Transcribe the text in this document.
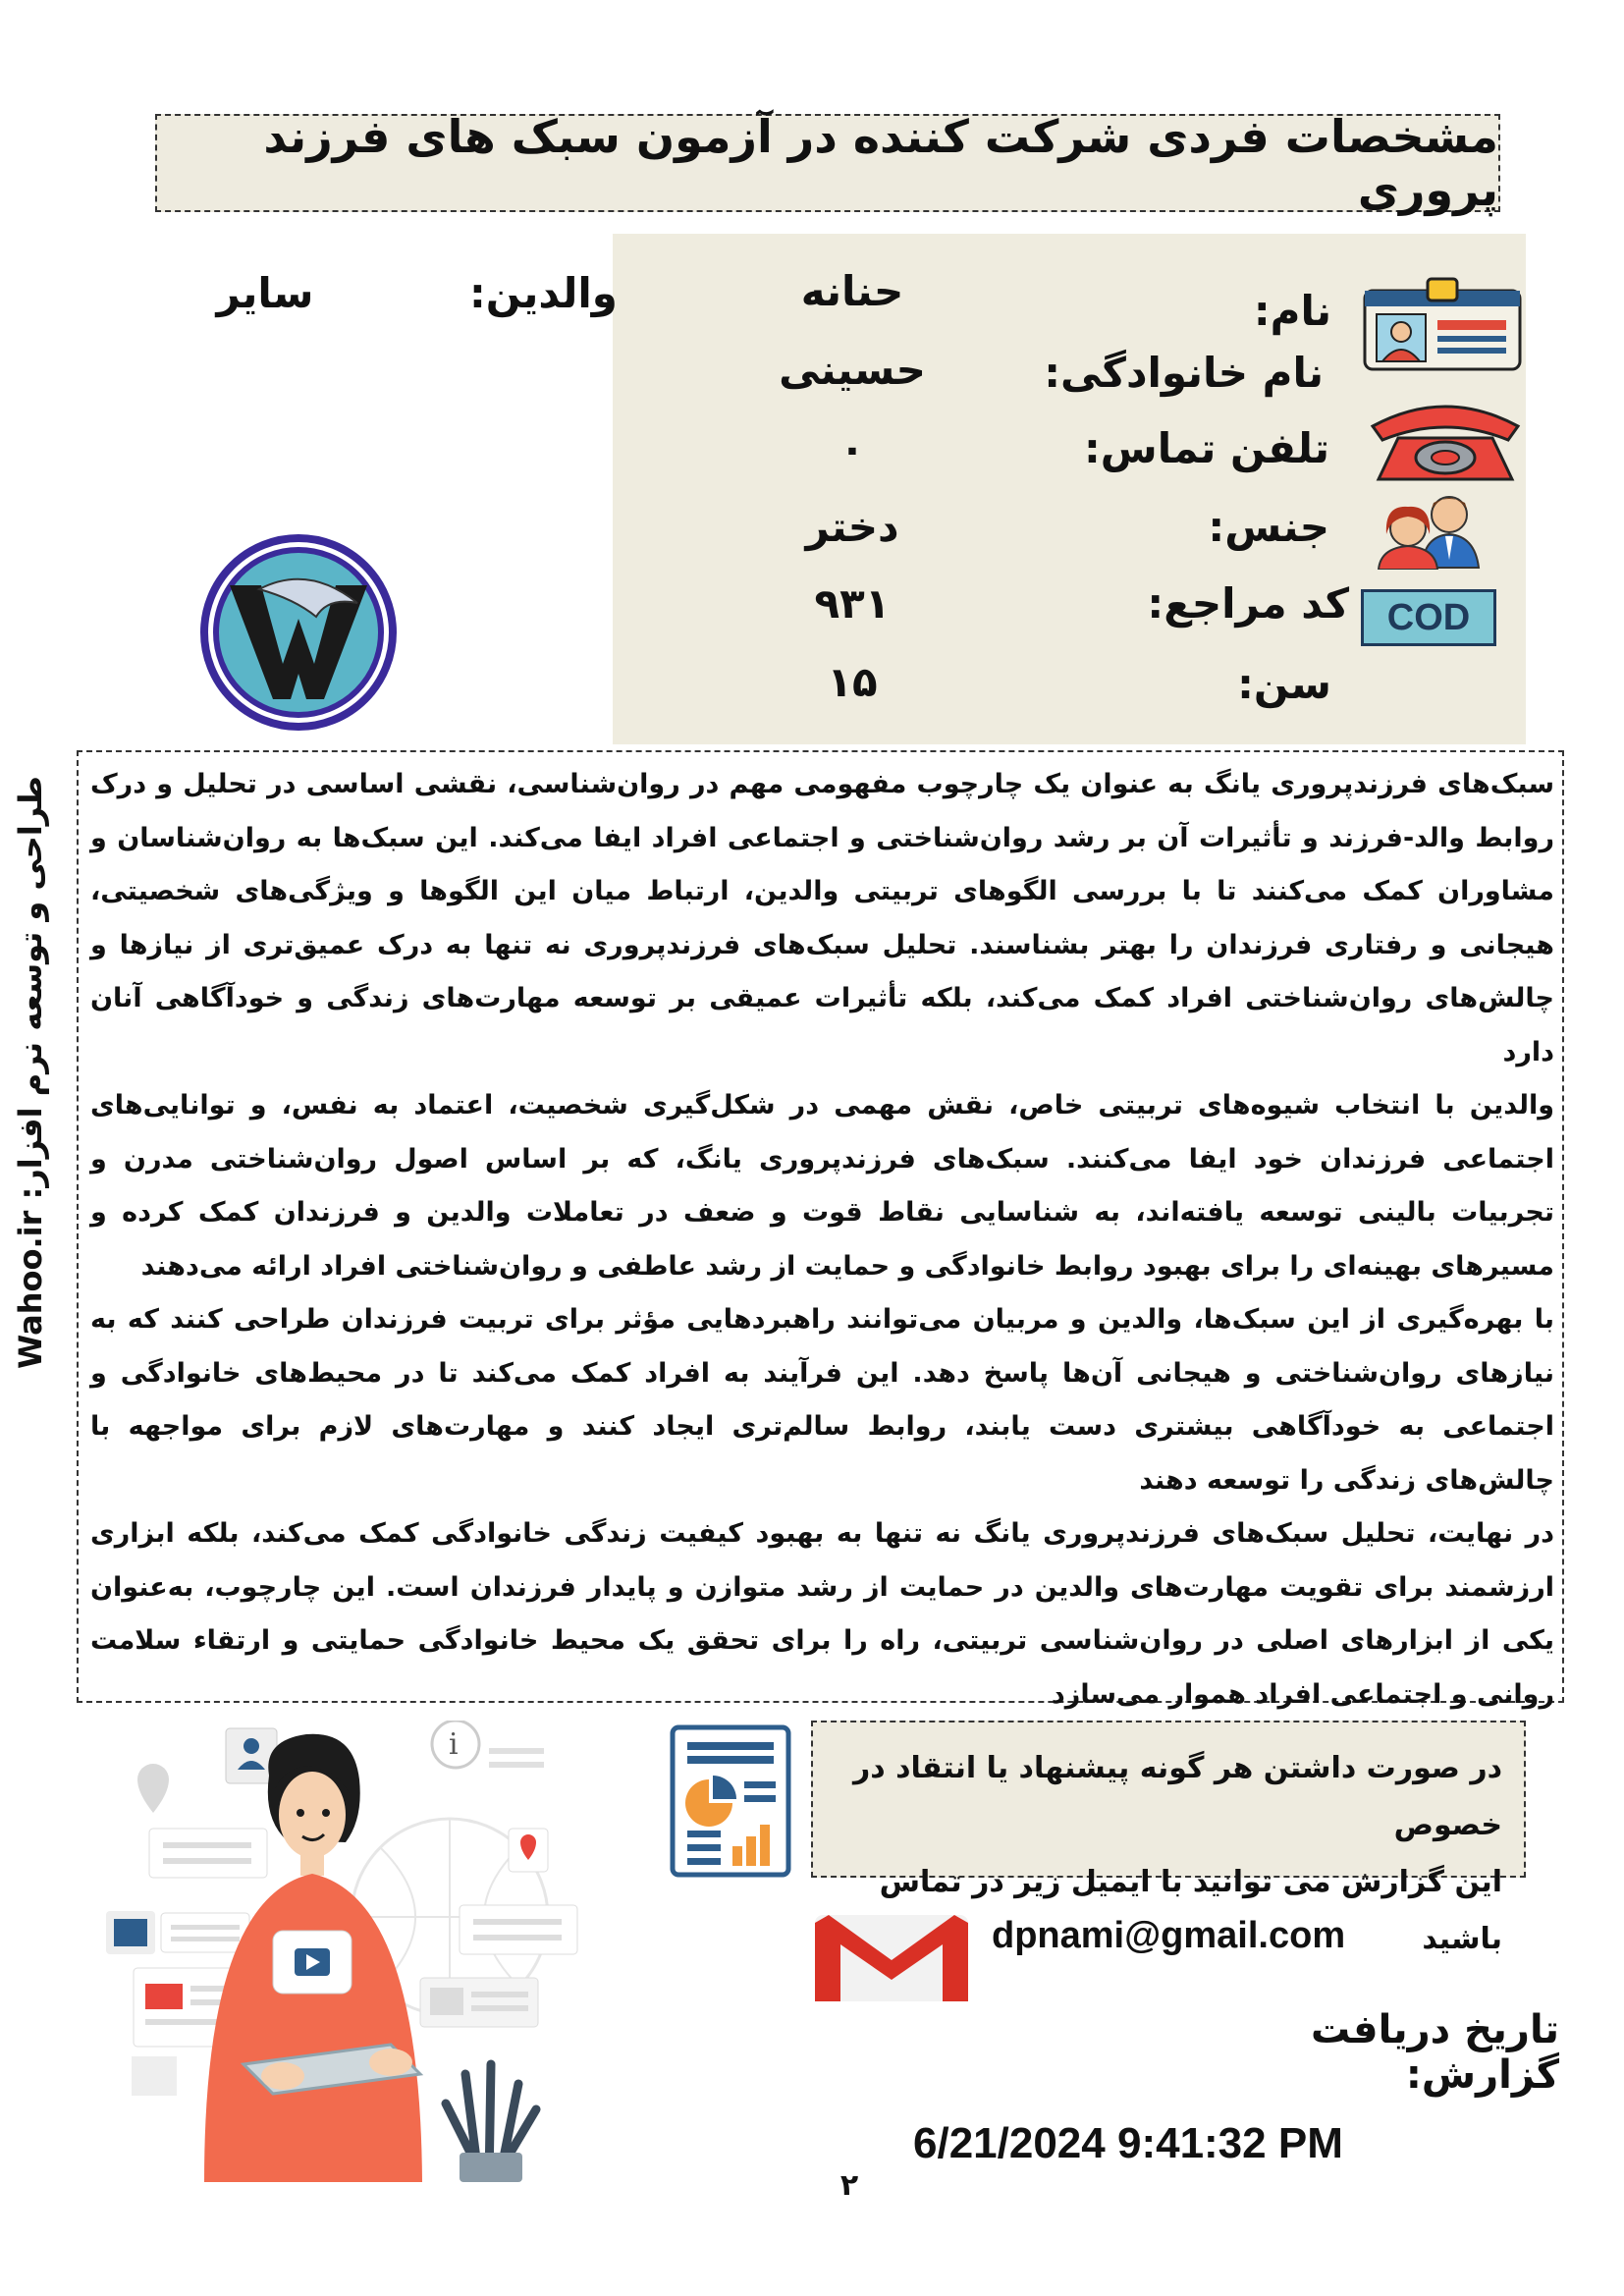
مشخصات فردی شرکت کننده در آزمون سبک های فرزند پروری
نام:
نام خانوادگی:
تلفن تماس:
جنس:
کد مراجع:
سن:
حنانه
حسینی
۰
دختر
۹۳۱
۱۵
والدین:
سایر
COD
طراحی و توسعه نرم افزار: Wahoo.ir	سبک‌های فرزندپروری یانگ به عنوان یک چارچوب مفهومی مهم در روان‌شناسی، نقشی اساسی در تحلیل و درک روابط والد-فرزند و تأثیرات آن بر رشد روان‌شناختی و اجتماعی افراد ایفا می‌کند. این سبک‌ها به روان‌شناسان و مشاوران کمک می‌کنند تا با بررسی الگوهای تربیتی والدین، ارتباط میان این الگوها و ویژگی‌های شخصیتی، هیجانی و رفتاری فرزندان را بهتر بشناسند. تحلیل سبک‌های فرزندپروری نه تنها به درک عمیق‌تری از نیازها و چالش‌های روان‌شناختی افراد کمک می‌کند، بلکه تأثیرات عمیقی بر توسعه مهارت‌های زندگی و خودآگاهی آنان دارد

والدین با انتخاب شیوه‌های تربیتی خاص، نقش مهمی در شکل‌گیری شخصیت، اعتماد به نفس، و توانایی‌های اجتماعی فرزندان خود ایفا می‌کنند. سبک‌های فرزندپروری یانگ، که بر اساس اصول روان‌شناختی مدرن و تجربیات بالینی توسعه یافته‌اند، به شناسایی نقاط قوت و ضعف در تعاملات والدین و فرزندان کمک کرده و مسیرهای بهینه‌ای را برای بهبود روابط خانوادگی و حمایت از رشد عاطفی و روان‌شناختی افراد ارائه می‌دهند

با بهره‌گیری از این سبک‌ها، والدین و مربیان می‌توانند راهبردهایی مؤثر برای تربیت فرزندان طراحی کنند که به نیازهای روان‌شناختی و هیجانی آن‌ها پاسخ دهد. این فرآیند به افراد کمک می‌کند تا در محیط‌های خانوادگی و اجتماعی به خودآگاهی بیشتری دست یابند، روابط سالم‌تری ایجاد کنند و مهارت‌های لازم برای مواجهه با چالش‌های زندگی را توسعه دهند

در نهایت، تحلیل سبک‌های فرزندپروری یانگ نه تنها به بهبود کیفیت زندگی خانوادگی کمک می‌کند، بلکه ابزاری ارزشمند برای تقویت مهارت‌های والدین در حمایت از رشد متوازن و پایدار فرزندان است. این چارچوب، به‌عنوان یکی از ابزارهای اصلی در روان‌شناسی تربیتی، راه را برای تحقق یک محیط خانوادگی حمایتی و ارتقاء سلامت روانی و اجتماعی افراد هموار می‌سازد

در صورت داشتن هر گونه پیشنهاد یا انتقاد در خصوص

این گزارش می توانید با ایمیل زیر در تماس باشید

dpnami@gmail.com
تاریخ دریافت گزارش:
6/21/2024 9:41:32 PM
i
۲
